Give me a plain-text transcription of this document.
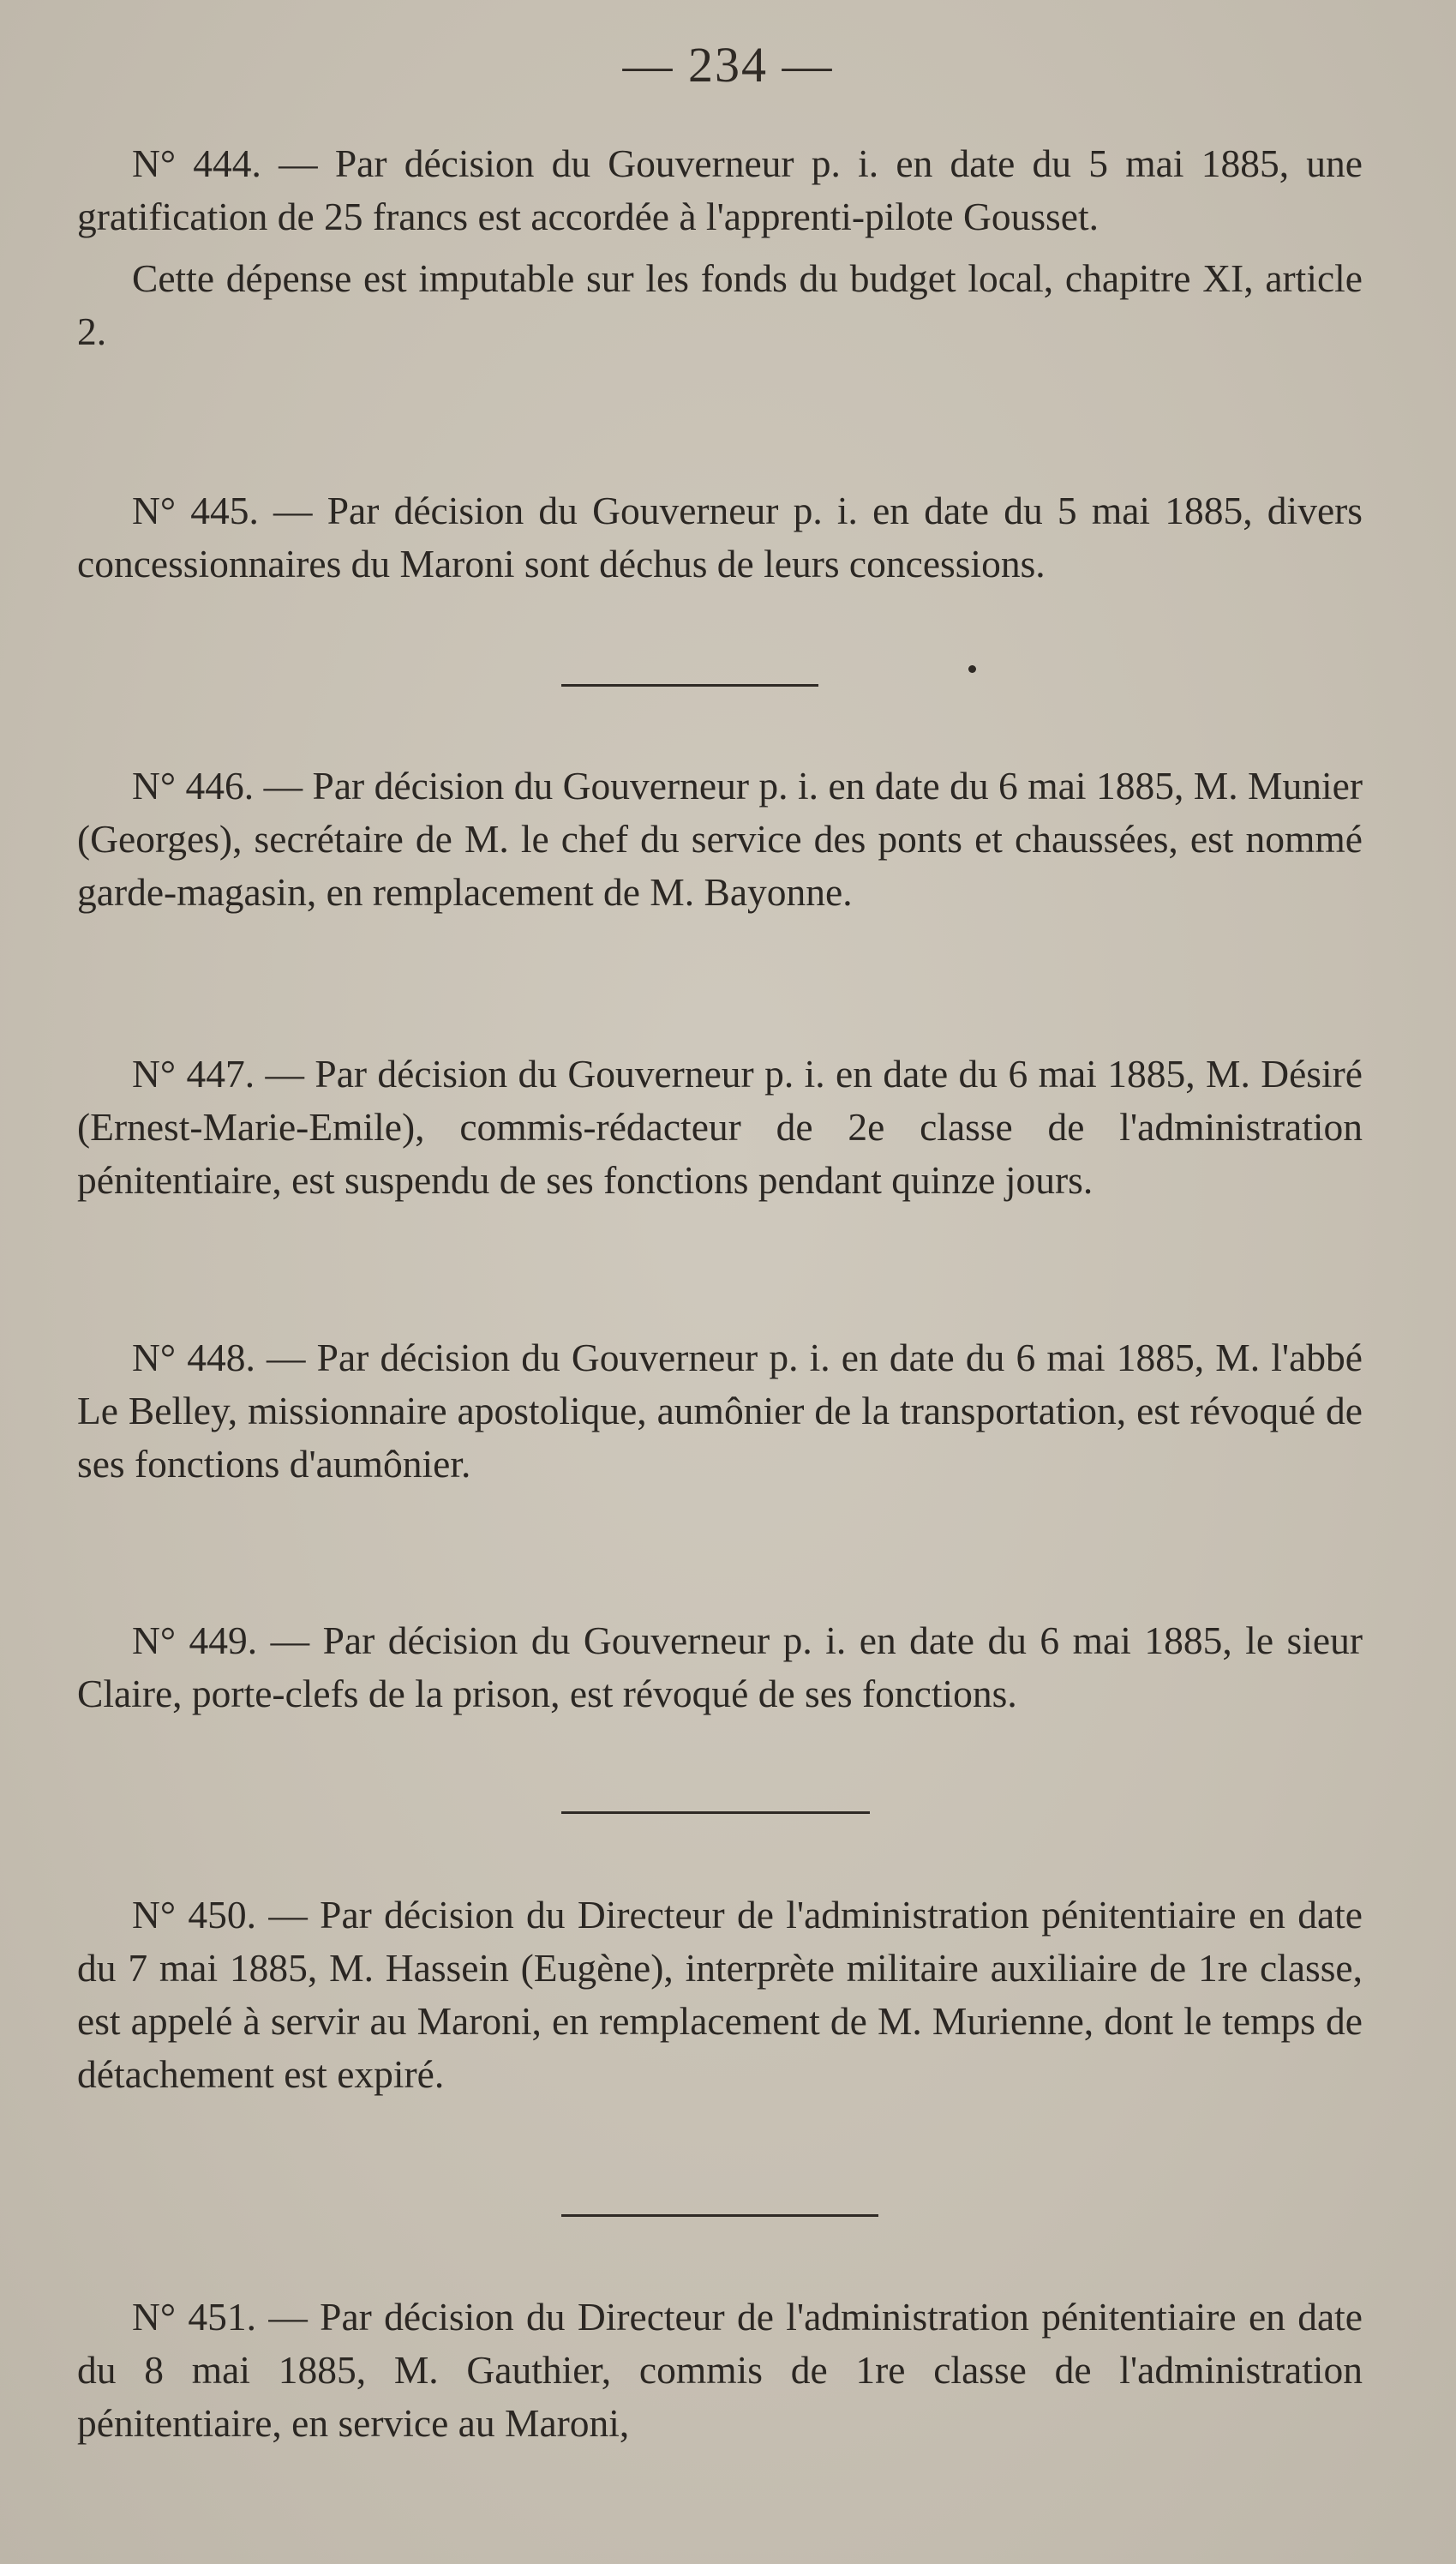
— 234 —

N° 444. — Par décision du Gouverneur p. i. en date du 5 mai 1885, une gratification de 25 francs est accordée à l'apprenti-pilote Gousset.

Cette dépense est imputable sur les fonds du budget local, chapitre XI, article 2.

N° 445. — Par décision du Gouverneur p. i. en date du 5 mai 1885, divers concessionnaires du Maroni sont déchus de leurs concessions.

N° 446. — Par décision du Gouverneur p. i. en date du 6 mai 1885, M. Munier (Georges), secrétaire de M. le chef du service des ponts et chaussées, est nommé garde-magasin, en remplacement de M. Bayonne.

N° 447. — Par décision du Gouverneur p. i. en date du 6 mai 1885, M. Désiré (Ernest-Marie-Emile), commis-rédacteur de 2e classe de l'administration pénitentiaire, est suspendu de ses fonctions pendant quinze jours.

N° 448. — Par décision du Gouverneur p. i. en date du 6 mai 1885, M. l'abbé Le Belley, missionnaire apostolique, aumônier de la transportation, est révoqué de ses fonctions d'aumônier.

N° 449. — Par décision du Gouverneur p. i. en date du 6 mai 1885, le sieur Claire, porte-clefs de la prison, est révoqué de ses fonctions.

N° 450. — Par décision du Directeur de l'administration pénitentiaire en date du 7 mai 1885, M. Hassein (Eugène), interprète militaire auxiliaire de 1re classe, est appelé à servir au Maroni, en remplacement de M. Murienne, dont le temps de détachement est expiré.

N° 451. — Par décision du Directeur de l'administration pénitentiaire en date du 8 mai 1885, M. Gauthier, commis de 1re classe de l'administration pénitentiaire, en service au Maroni,
